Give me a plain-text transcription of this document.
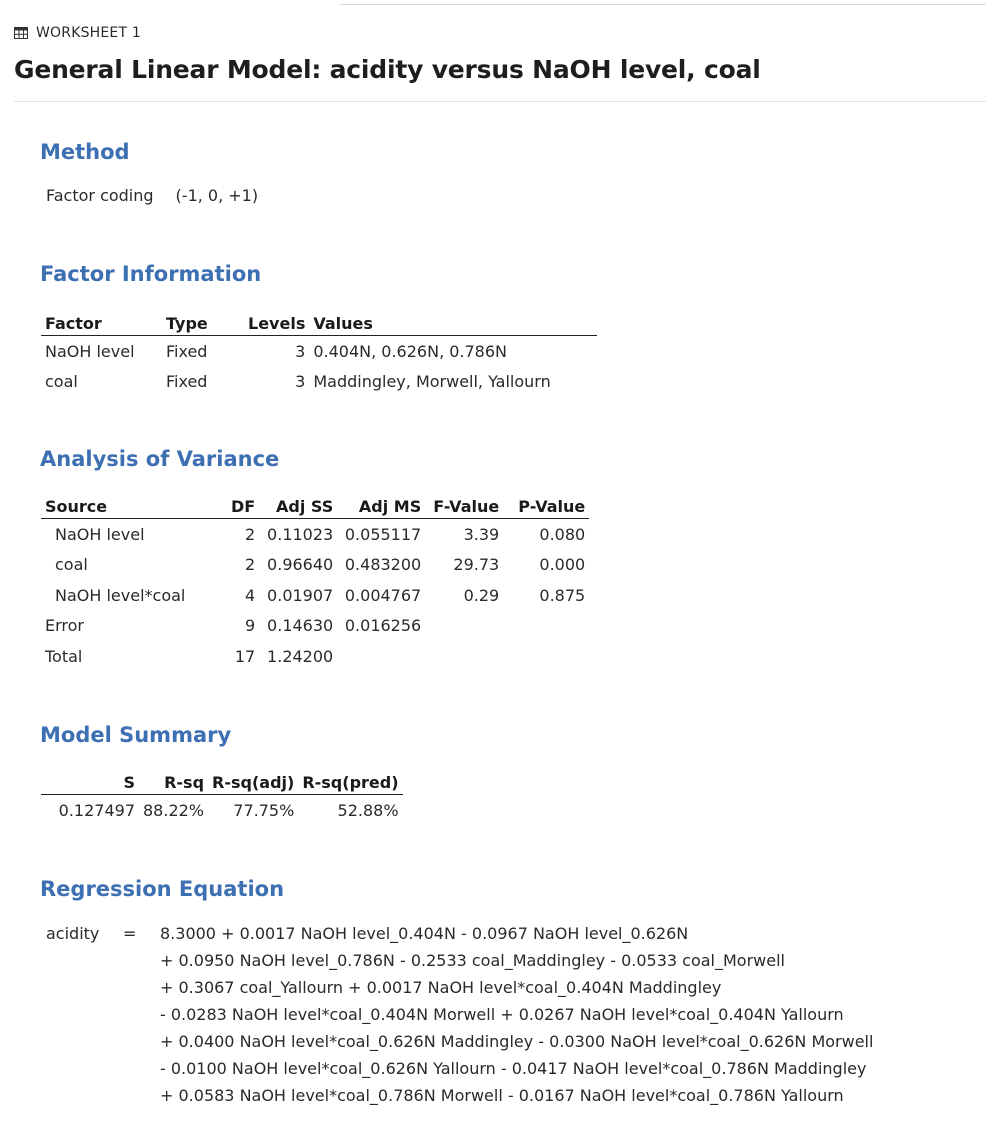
WORKSHEET 1
General Linear Model: acidity versus NaOH level, coal
Method
Factor coding (-1, 0, +1)
Factor Information
Factor	Type	Levels	Values
NaOH level	Fixed	3	0.404N, 0.626N, 0.786N
coal	Fixed	3	Maddingley, Morwell, Yallourn
Analysis of Variance
Source	DF	Adj SS	Adj MS	F-Value	P-Value
NaOH level	2	0.11023	0.055117	3.39	0.080
coal	2	0.96640	0.483200	29.73	0.000
NaOH level*coal	4	0.01907	0.004767	0.29	0.875
Error	9	0.14630	0.016256		
Total	17	1.24200			
Model Summary
S	R-sq	R-sq(adj)	R-sq(pred)
0.127497	88.22%	77.75%	52.88%
Regression Equation
acidity = 8.3000 + 0.0017 NaOH level_0.404N - 0.0967 NaOH level_0.626N
+ 0.0950 NaOH level_0.786N - 0.2533 coal_Maddingley - 0.0533 coal_Morwell
+ 0.3067 coal_Yallourn + 0.0017 NaOH level*coal_0.404N Maddingley
- 0.0283 NaOH level*coal_0.404N Morwell + 0.0267 NaOH level*coal_0.404N Yallourn
+ 0.0400 NaOH level*coal_0.626N Maddingley - 0.0300 NaOH level*coal_0.626N Morwell
- 0.0100 NaOH level*coal_0.626N Yallourn - 0.0417 NaOH level*coal_0.786N Maddingley
+ 0.0583 NaOH level*coal_0.786N Morwell - 0.0167 NaOH level*coal_0.786N Yallourn
